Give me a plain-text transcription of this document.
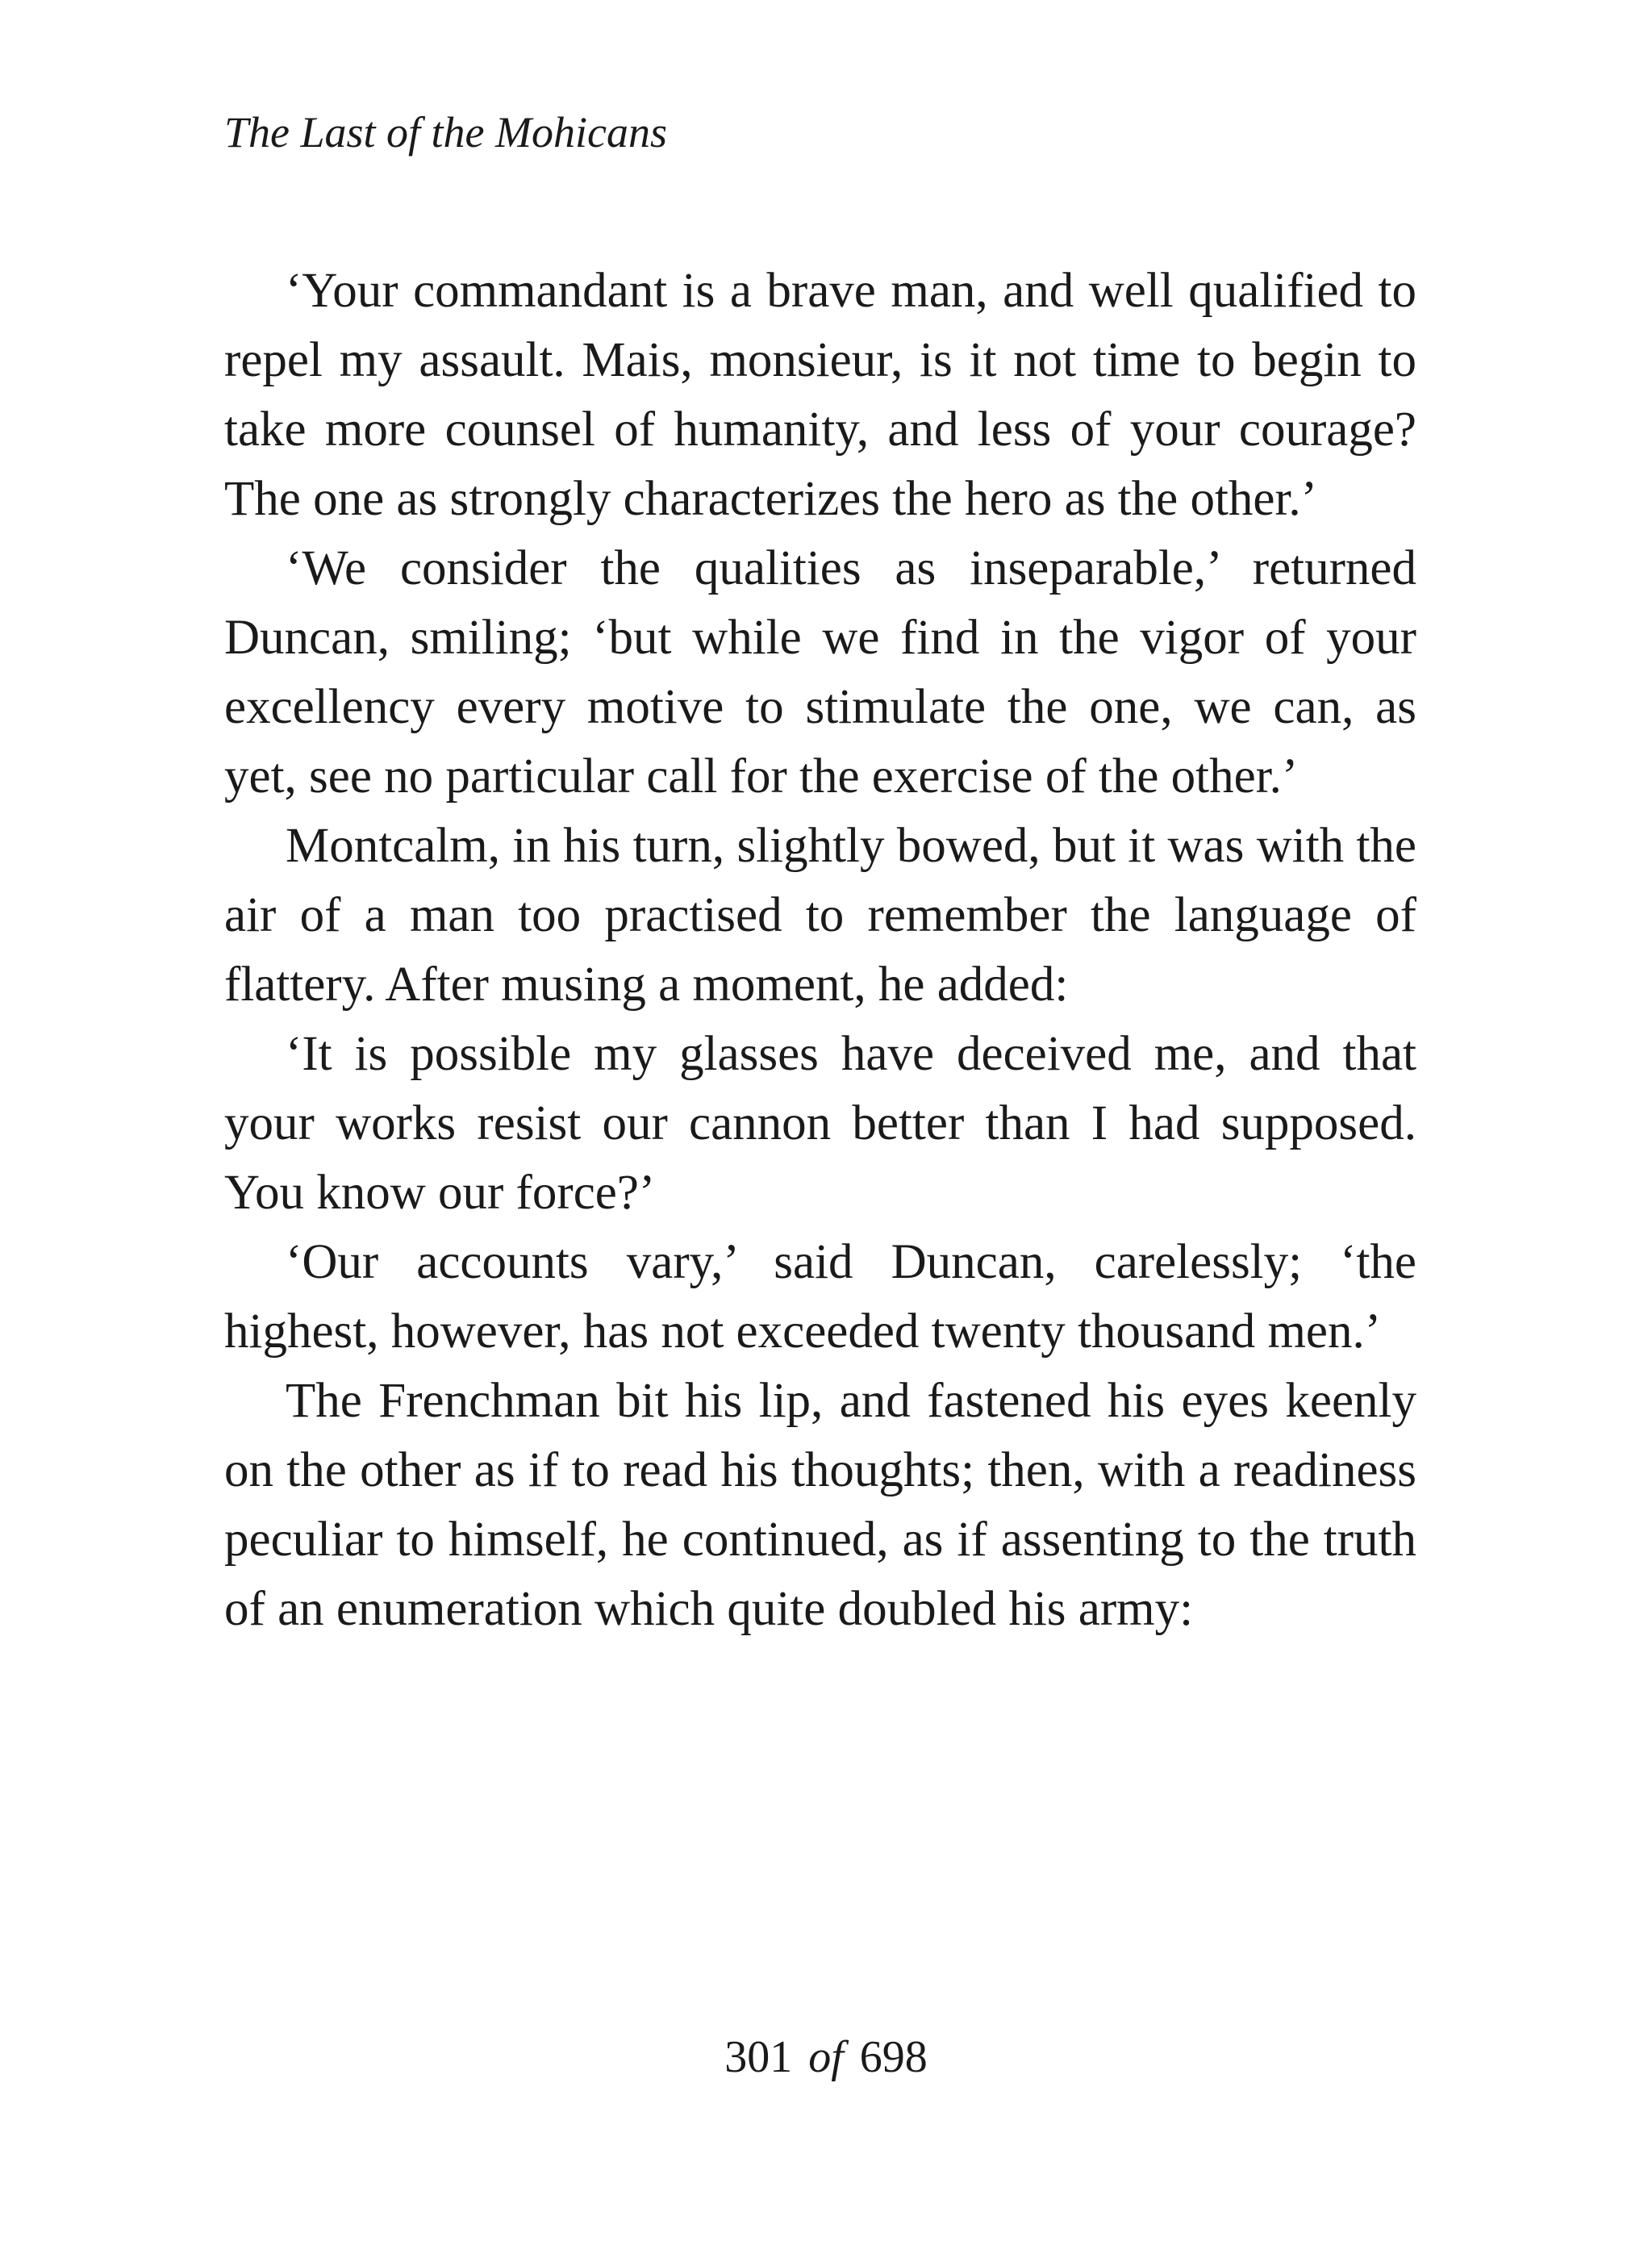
The Last of the Mohicans

‘Your commandant is a brave man, and well qualified to repel my assault. Mais, monsieur, is it not time to begin to take more counsel of humanity, and less of your courage? The one as strongly characterizes the hero as the other.’

‘We consider the qualities as inseparable,’ returned Duncan, smiling; ‘but while we find in the vigor of your excellency every motive to stimulate the one, we can, as yet, see no particular call for the exercise of the other.’

Montcalm, in his turn, slightly bowed, but it was with the air of a man too practised to remember the language of flattery. After musing a moment, he added:

‘It is possible my glasses have deceived me, and that your works resist our cannon better than I had supposed. You know our force?’

‘Our accounts vary,’ said Duncan, carelessly; ‘the highest, however, has not exceeded twenty thousand men.’

The Frenchman bit his lip, and fastened his eyes keenly on the other as if to read his thoughts; then, with a readiness peculiar to himself, he continued, as if assenting to the truth of an enumeration which quite doubled his army:

301 of 698
